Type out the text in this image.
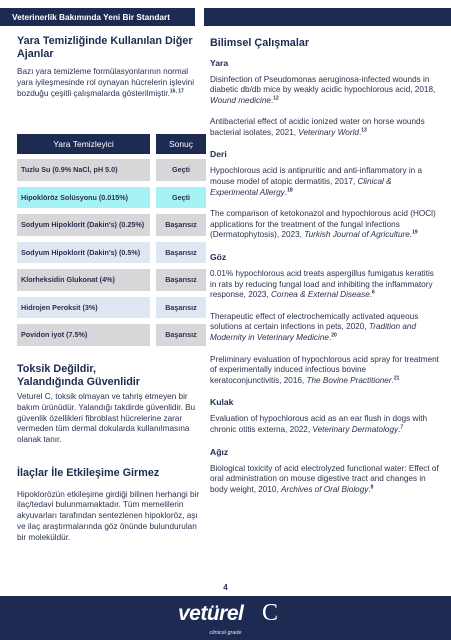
Veterinerlik Bakımında Yeni Bir Standart
Yara Temizliğinde Kullanılan Diğer Ajanlar

Bazı yara temizleme formülasyonlarının normal yara iyileşmesinde rol oynayan hücrelerin işlevini bozduğu çeşitli çalışmalarda gösterilmiştir.$^{16, 17}$

Yara Temizleyici	Sonuç
Tuzlu Su (0.9% NaCl, pH 5.0)	Geçti
Hipoklöröz Solüsyonu (0.015%)	Geçti
Sodyum Hipoklorit (Dakin's) (0.25%)	Başarısız
Sodyum Hipoklorit (Dakin's) (0.5%)	Başarısız
Klorheksidin Glukonat (4%)	Başarısız
Hidrojen Peroksit (3%)	Başarısız
Povidon iyot (7.5%)	Başarısız
Toksik Değildir,
Yalandığında Güvenlidir

Veturel C, toksik olmayan ve tahriş etmeyen bir bakım ürünüdür. Yalandığı takdirde güvenlidir. Bu güvenlik özellikleri fibroblast hücrelerine zarar vermeden tüm dermal dokularda kullanılmasına olanak tanır.

İlaçlar İle Etkileşime Girmez

Hipoklorözün etkileşime girdiği bilinen herhangi bir ilaç/tedavi bulunmamaktadır. Tüm memelilerin akyuvarları tarafından sentezlenen hipokloröz, aşı ve ilaç araştırmalarında göz önünde bulundurulan bir moleküldür.

Bilimsel Çalışmalar
Yara

Disinfection of Pseudomonas aeruginosa-infected wounds in diabetic db/db mice by weakly acidic hypochlorous acid, 2018, Wound medicine.$^{12}$

Antibacterial effect of acidic ionized water on horse wounds bacterial isolates, 2021, Veterinary World.$^{13}$

Deri

Hypochlorous acid is antipruritic and anti-inflammatory in a mouse model of atopic dermatitis, 2017, Clinical & Experimental Allergy.$^{18}$

The comparison of ketokonazol and hypochlorous acid (HOCl) applications for the treatment of the fungal infections (Dermatophytosis), 2023, Turkish Journal of Agriculture.$^{19}$

Göz

0.01% hypochlorous acid treats aspergillus fumigatus keratitis in rats by reducing fungal load and inhibiting the inflammatory response, 2023, Cornea & External Disease.$^6$

Therapeutic effect of electrochemically activated aqueous solutions at certain infections in pets, 2020, Tradition and Modernity in Veterinary Medicine.$^{20}$

Preliminary evaluation of hypochlorous acid spray for treatment of experimentally induced infectious bovine keratoconjunctivitis, 2016, The Bovine Practitioner.$^{21}$

Kulak

Evaluation of hypochlorous acid as an ear flush in dogs with chronic otitis externa, 2022, Veterinary Dermatology.$^7$

Ağız

Biological toxicity of acid electrolyzed functional water: Effect of oral administration on mouse digestive tract and changes in body weight, 2010, Archives of Oral Biology.$^8$

4
vetürel C
clinical grade
